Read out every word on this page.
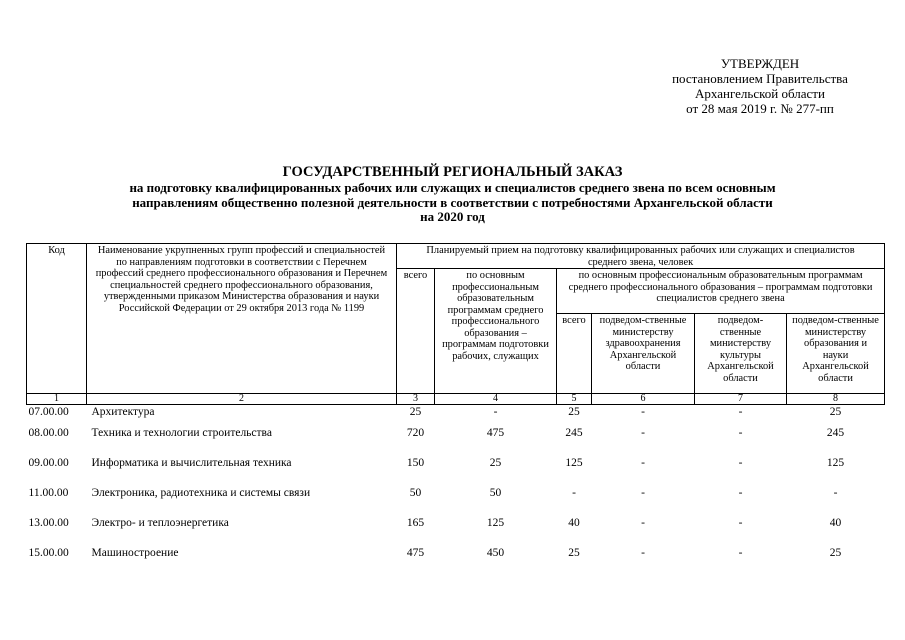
УТВЕРЖДЕН
постановлением Правительства
Архангельской области
от 28 мая 2019 г. № 277-пп
ГОСУДАРСТВЕННЫЙ РЕГИОНАЛЬНЫЙ ЗАКАЗ
на подготовку квалифицированных рабочих или служащих и специалистов среднего звена по всем основным
направлениям общественно полезной деятельности в соответствии с потребностями Архангельской области
на 2020 год
Код	Наименование укрупненных групп профессий и специальностей по направлениям подготовки в соответствии с Перечнем профессий среднего профессионального образования и Перечнем специальностей среднего профессионального образования, утвержденными приказом Министерства образования и науки Российской Федерации от 29 октября 2013 года № 1199	Планируемый прием на подготовку квалифицированных рабочих или служащих и специалистов среднего звена, человек						
		всего	по основным профессиональным образовательным программам среднего профессионального образования – программам подготовки рабочих, служащих	по основным профессиональным образовательным программам среднего профессионального образования – программам подготовки специалистов среднего звена				
				всего	подведом-ственные министерству здравоохранения Архангельской области	подведом-ственные министерству культуры Архангельской области	подведом-ственные министерству образования и науки Архангельской области	

1	2	3	4	5	6	7	8	
07.00.00	Архитектура	25	-	25	-	-	25	
08.00.00	Техника и технологии строительства	720	475	245	-	-	245	
09.00.00	Информатика и вычислительная техника	150	25	125	-	-	125	
11.00.00	Электроника, радиотехника и системы связи	50	50	-	-	-	-	
13.00.00	Электро- и теплоэнергетика	165	125	40	-	-	40	
15.00.00	Машиностроение	475	450	25	-	-	25	
